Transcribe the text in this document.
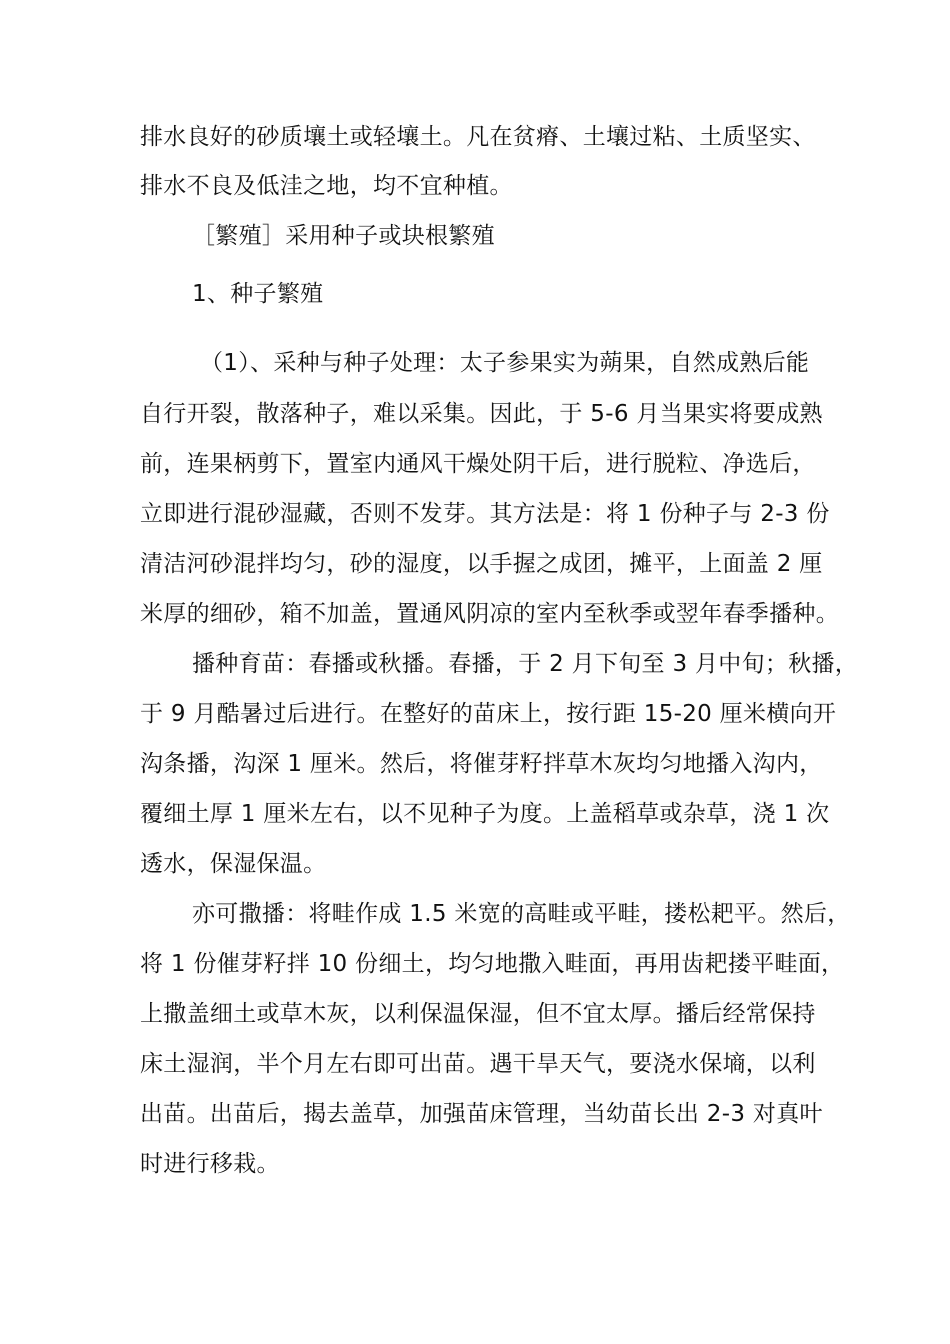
排水良好的砂质壤土或轻壤土。凡在贫瘠、土壤过粘、土质坚实、
排水不良及低洼之地，均不宜种植。
［繁殖］采用种子或块根繁殖
1、种子繁殖
（1）、采种与种子处理：太子参果实为蒴果，自然成熟后能
自行开裂，散落种子，难以采集。因此，于 5-6 月当果实将要成熟
前，连果柄剪下，置室内通风干燥处阴干后，进行脱粒、净选后，
立即进行混砂湿藏，否则不发芽。其方法是：将 1 份种子与 2-3 份
清洁河砂混拌均匀，砂的湿度，以手握之成团，摊平，上面盖 2 厘
米厚的细砂，箱不加盖，置通风阴凉的室内至秋季或翌年春季播种。
播种育苗：春播或秋播。春播，于 2 月下旬至 3 月中旬；秋播，
于 9 月酷暑过后进行。在整好的苗床上，按行距 15-20 厘米横向开
沟条播，沟深 1 厘米。然后，将催芽籽拌草木灰均匀地播入沟内，
覆细土厚 1 厘米左右，以不见种子为度。上盖稻草或杂草，浇 1 次
透水，保湿保温。
亦可撒播：将畦作成 1.5 米宽的高畦或平畦，搂松耙平。然后，
将 1 份催芽籽拌 10 份细土，均匀地撒入畦面，再用齿耙搂平畦面，
上撒盖细土或草木灰，以利保温保湿，但不宜太厚。播后经常保持
床土湿润，半个月左右即可出苗。遇干旱天气，要浇水保墒，以利
出苗。出苗后，揭去盖草，加强苗床管理，当幼苗长出 2-3 对真叶
时进行移栽。
